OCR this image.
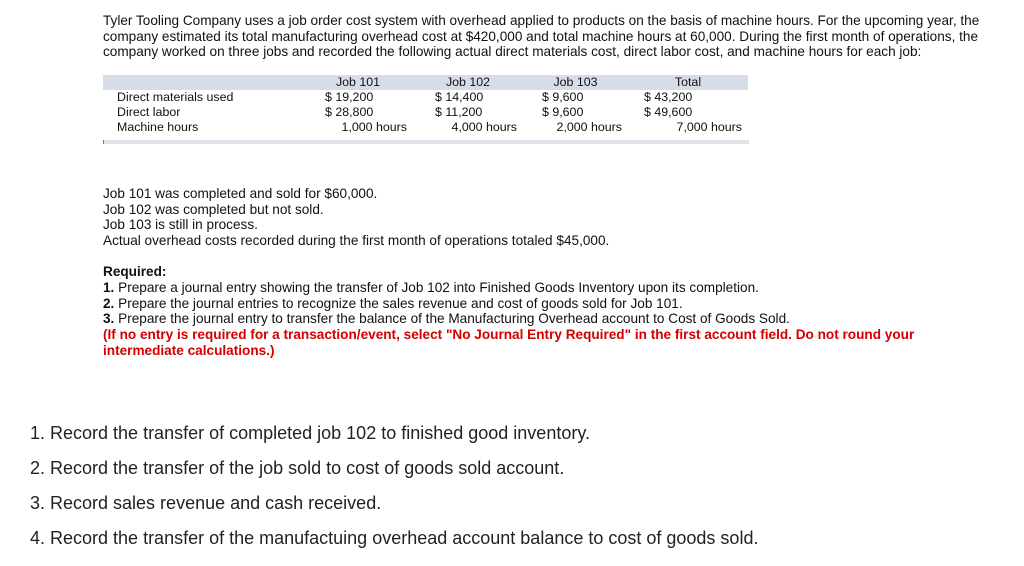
Tyler Tooling Company uses a job order cost system with overhead applied to products on the basis of machine hours. For the upcoming year, the company estimated its total manufacturing overhead cost at $420,000 and total machine hours at 60,000. During the first month of operations, the company worked on three jobs and recorded the following actual direct materials cost, direct labor cost, and machine hours for each job:
	Job 101	Job 102	Job 103	Total
Direct materials used	$ 19,200	$ 14,400	$ 9,600	$ 43,200
Direct labor	$ 28,800	$ 11,200	$ 9,600	$ 49,600
Machine hours	1,000 hours	4,000 hours	2,000 hours	7,000 hours
Job 101 was completed and sold for $60,000.
Job 102 was completed but not sold.
Job 103 is still in process.
Actual overhead costs recorded during the first month of operations totaled $45,000.
Required:
1. Prepare a journal entry showing the transfer of Job 102 into Finished Goods Inventory upon its completion.
2. Prepare the journal entries to recognize the sales revenue and cost of goods sold for Job 101.
3. Prepare the journal entry to transfer the balance of the Manufacturing Overhead account to Cost of Goods Sold.
(If no entry is required for a transaction/event, select "No Journal Entry Required" in the first account field. Do not round your intermediate calculations.)
1. Record the transfer of completed job 102 to finished good inventory.
2. Record the transfer of the job sold to cost of goods sold account.
3. Record sales revenue and cash received.
4. Record the transfer of the manufactuing overhead account balance to cost of goods sold.
